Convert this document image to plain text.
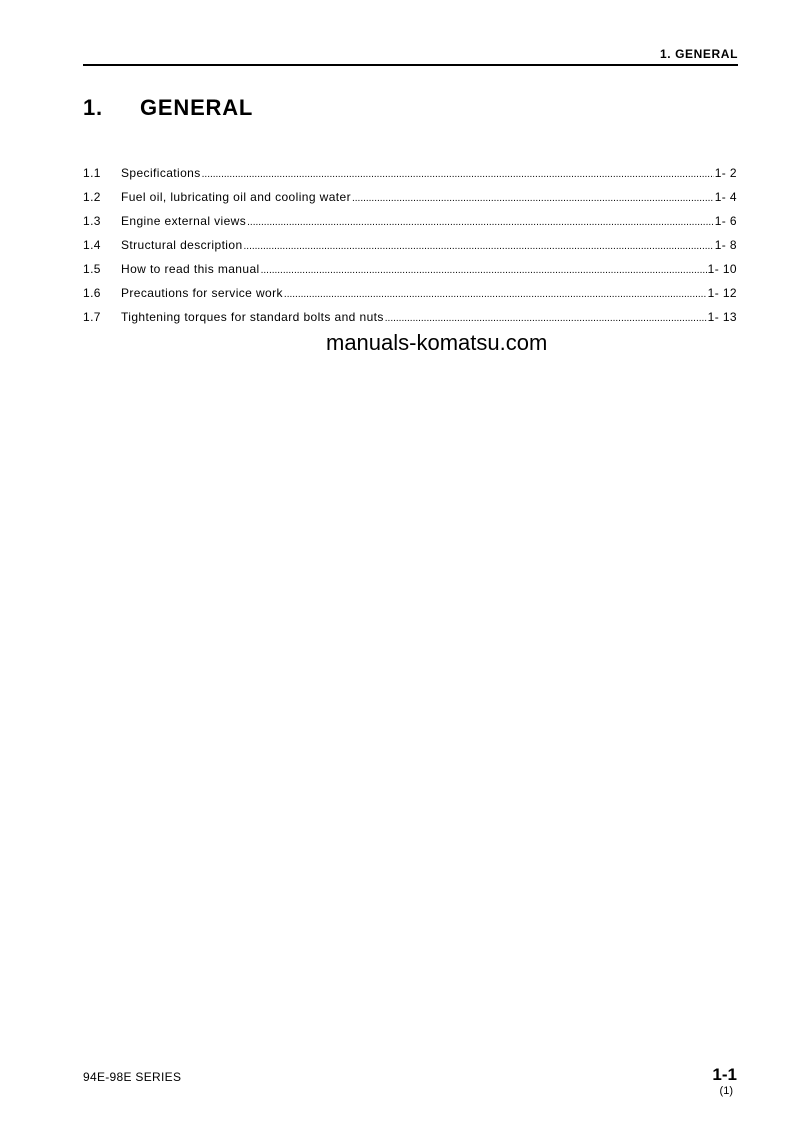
1. GENERAL
1. GENERAL
1.1	Specifications .....	1- 2
1.2	Fuel oil, lubricating oil and cooling water .....	1- 4
1.3	Engine external views .....	1- 6
1.4	Structural description .....	1- 8
1.5	How to read this manual .....	1- 10
1.6	Precautions for service work .....	1- 12
1.7	Tightening torques for standard bolts and nuts .....	1- 13
manuals-komatsu.com
94E-98E SERIES	1-1
(1)
